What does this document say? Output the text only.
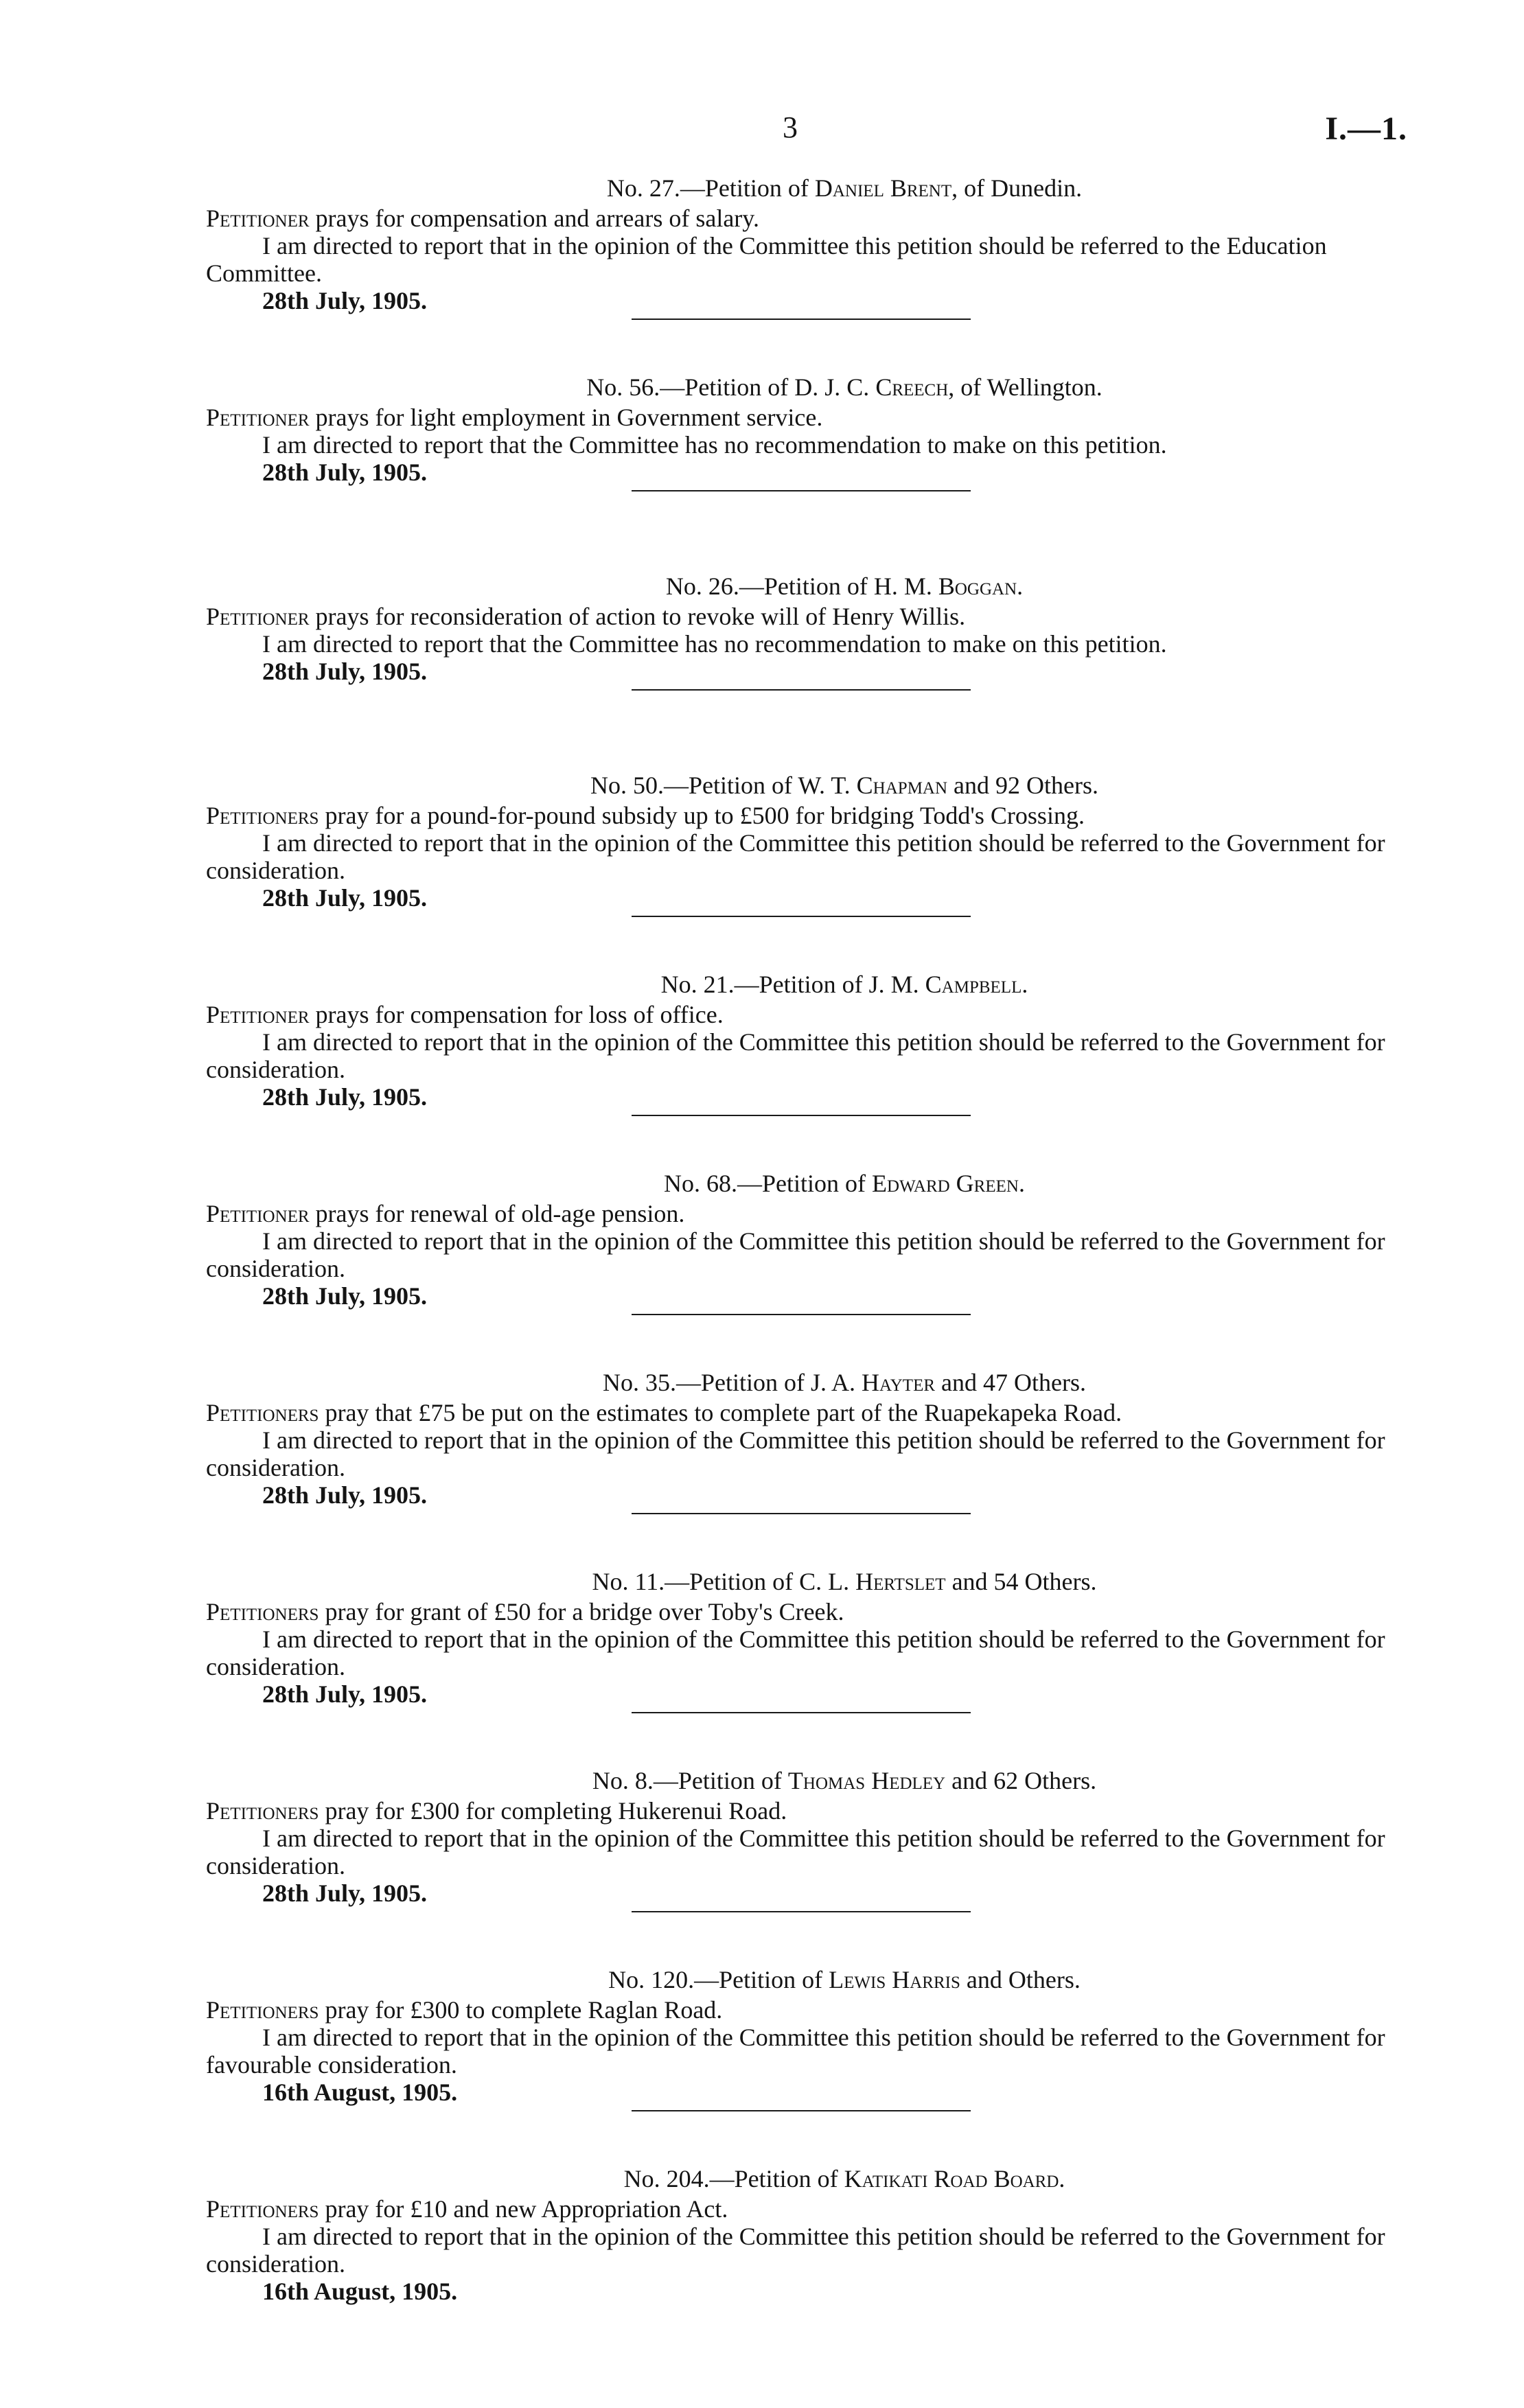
3	I.—1.
No. 27.—Petition of Daniel Brent, of Dunedin.
Petitioner prays for compensation and arrears of salary.
I am directed to report that in the opinion of the Committee this petition should be referred to the Education Committee.
28th July, 1905.
No. 56.—Petition of D. J. C. Creech, of Wellington.
Petitioner prays for light employment in Government service.
I am directed to report that the Committee has no recommendation to make on this petition.
28th July, 1905.
No. 26.—Petition of H. M. Boggan.
Petitioner prays for reconsideration of action to revoke will of Henry Willis.
I am directed to report that the Committee has no recommendation to make on this petition.
28th July, 1905.
No. 50.—Petition of W. T. Chapman and 92 Others.
Petitioners pray for a pound-for-pound subsidy up to £500 for bridging Todd's Crossing.
I am directed to report that in the opinion of the Committee this petition should be referred to the Government for consideration.
28th July, 1905.
No. 21.—Petition of J. M. Campbell.
Petitioner prays for compensation for loss of office.
I am directed to report that in the opinion of the Committee this petition should be referred to the Government for consideration.
28th July, 1905.
No. 68.—Petition of Edward Green.
Petitioner prays for renewal of old-age pension.
I am directed to report that in the opinion of the Committee this petition should be referred to the Government for consideration.
28th July, 1905.
No. 35.—Petition of J. A. Hayter and 47 Others.
Petitioners pray that £75 be put on the estimates to complete part of the Ruapekapeka Road.
I am directed to report that in the opinion of the Committee this petition should be referred to the Government for consideration.
28th July, 1905.
No. 11.—Petition of C. L. Hertslet and 54 Others.
Petitioners pray for grant of £50 for a bridge over Toby's Creek.
I am directed to report that in the opinion of the Committee this petition should be referred to the Government for consideration.
28th July, 1905.
No. 8.—Petition of Thomas Hedley and 62 Others.
Petitioners pray for £300 for completing Hukerenui Road.
I am directed to report that in the opinion of the Committee this petition should be referred to the Government for consideration.
28th July, 1905.
No. 120.—Petition of Lewis Harris and Others.
Petitioners pray for £300 to complete Raglan Road.
I am directed to report that in the opinion of the Committee this petition should be referred to the Government for favourable consideration.
16th August, 1905.
No. 204.—Petition of Katikati Road Board.
Petitioners pray for £10 and new Appropriation Act.
I am directed to report that in the opinion of the Committee this petition should be referred to the Government for consideration.
16th August, 1905.
